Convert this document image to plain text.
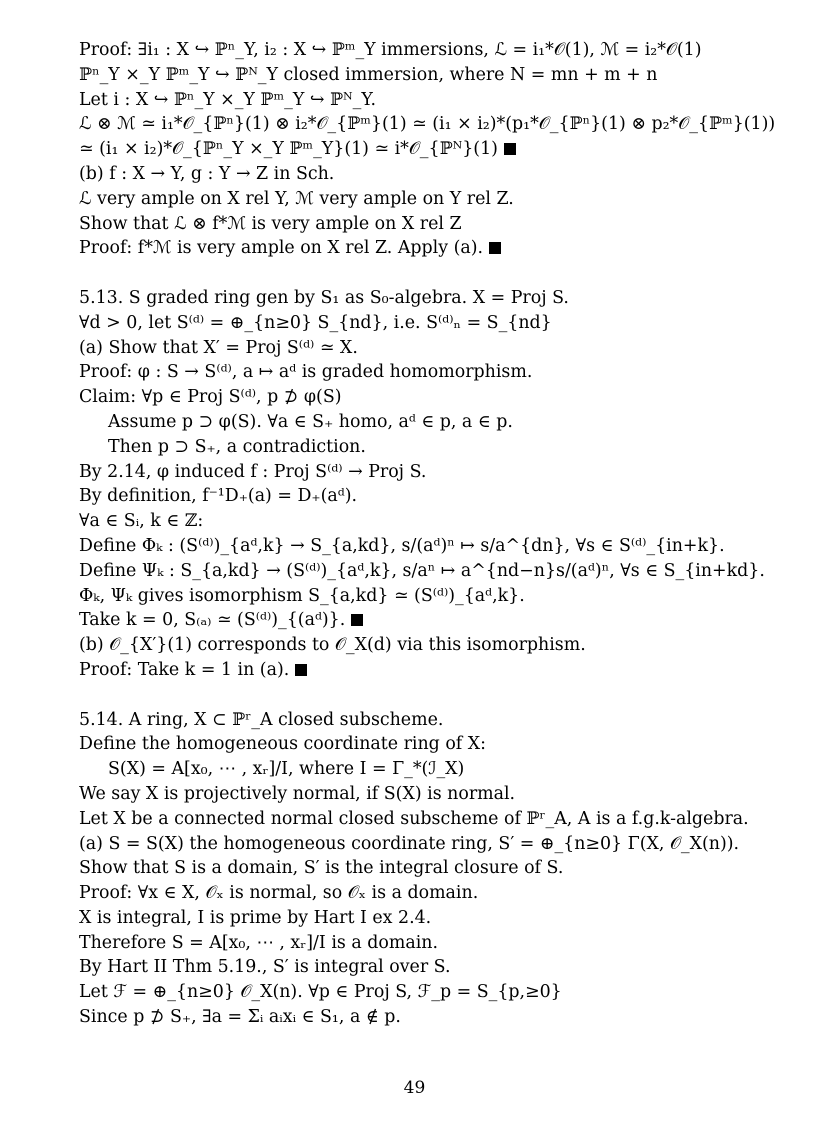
Proof: ∃i₁ : X ↪ ℙⁿ_Y, i₂ : X ↪ ℙᵐ_Y immersions, ℒ = i₁*𝒪(1), ℳ = i₂*𝒪(1)
ℙⁿ_Y ×_Y ℙᵐ_Y ↪ ℙᴺ_Y closed immersion, where N = mn + m + n
Let i : X ↪ ℙⁿ_Y ×_Y ℙᵐ_Y ↪ ℙᴺ_Y.
ℒ ⊗ ℳ ≃ i₁*𝒪_{ℙⁿ}(1) ⊗ i₂*𝒪_{ℙᵐ}(1) ≃ (i₁ × i₂)*(p₁*𝒪_{ℙⁿ}(1) ⊗ p₂*𝒪_{ℙᵐ}(1))
≃ (i₁ × i₂)*𝒪_{ℙⁿ_Y ×_Y ℙᵐ_Y}(1) ≃ i*𝒪_{ℙᴺ}(1)
(b) f : X → Y, g : Y → Z in Sch.
ℒ very ample on X rel Y, ℳ very ample on Y rel Z.
Show that ℒ ⊗ f*ℳ is very ample on X rel Z
Proof: f*ℳ is very ample on X rel Z. Apply (a).
5.13. S graded ring gen by S₁ as S₀-algebra. X = Proj S.
∀d > 0, let S⁽ᵈ⁾ = ⊕_{n≥0} S_{nd}, i.e. S⁽ᵈ⁾ₙ = S_{nd}
(a) Show that X′ = Proj S⁽ᵈ⁾ ≃ X.
Proof: φ : S → S⁽ᵈ⁾, a ↦ aᵈ is graded homomorphism.
Claim: ∀p ∈ Proj S⁽ᵈ⁾, p ⊅ φ(S)
Assume p ⊃ φ(S). ∀a ∈ S₊ homo, aᵈ ∈ p, a ∈ p.
Then p ⊃ S₊, a contradiction.
By 2.14, φ induced f : Proj S⁽ᵈ⁾ → Proj S.
By definition, f⁻¹D₊(a) = D₊(aᵈ).
∀a ∈ Sᵢ, k ∈ ℤ:
Define Φₖ : (S⁽ᵈ⁾)_{aᵈ,k} → S_{a,kd}, s/(aᵈ)ⁿ ↦ s/a^{dn}, ∀s ∈ S⁽ᵈ⁾_{in+k}.
Define Ψₖ : S_{a,kd} → (S⁽ᵈ⁾)_{aᵈ,k}, s/aⁿ ↦ a^{nd−n}s/(aᵈ)ⁿ, ∀s ∈ S_{in+kd}.
Φₖ, Ψₖ gives isomorphism S_{a,kd} ≃ (S⁽ᵈ⁾)_{aᵈ,k}.
Take k = 0, S₍ₐ₎ ≃ (S⁽ᵈ⁾)_{(aᵈ)}.
(b) 𝒪_{X′}(1) corresponds to 𝒪_X(d) via this isomorphism.
Proof: Take k = 1 in (a).
5.14. A ring, X ⊂ ℙʳ_A closed subscheme.
Define the homogeneous coordinate ring of X:
S(X) = A[x₀, ⋯ , xᵣ]/I, where I = Γ_*(ℐ_X)
We say X is projectively normal, if S(X) is normal.
Let X be a connected normal closed subscheme of ℙʳ_A, A is a f.g.k-algebra.
(a) S = S(X) the homogeneous coordinate ring, S′ = ⊕_{n≥0} Γ(X, 𝒪_X(n)).
Show that S is a domain, S′ is the integral closure of S.
Proof: ∀x ∈ X, 𝒪ₓ is normal, so 𝒪ₓ is a domain.
X is integral, I is prime by Hart I ex 2.4.
Therefore S = A[x₀, ⋯ , xᵣ]/I is a domain.
By Hart II Thm 5.19., S′ is integral over S.
Let ℱ = ⊕_{n≥0} 𝒪_X(n). ∀p ∈ Proj S, ℱ_p = S_{p,≥0}
Since p ⊅ S₊, ∃a = Σᵢ aᵢxᵢ ∈ S₁, a ∉ p.
49
